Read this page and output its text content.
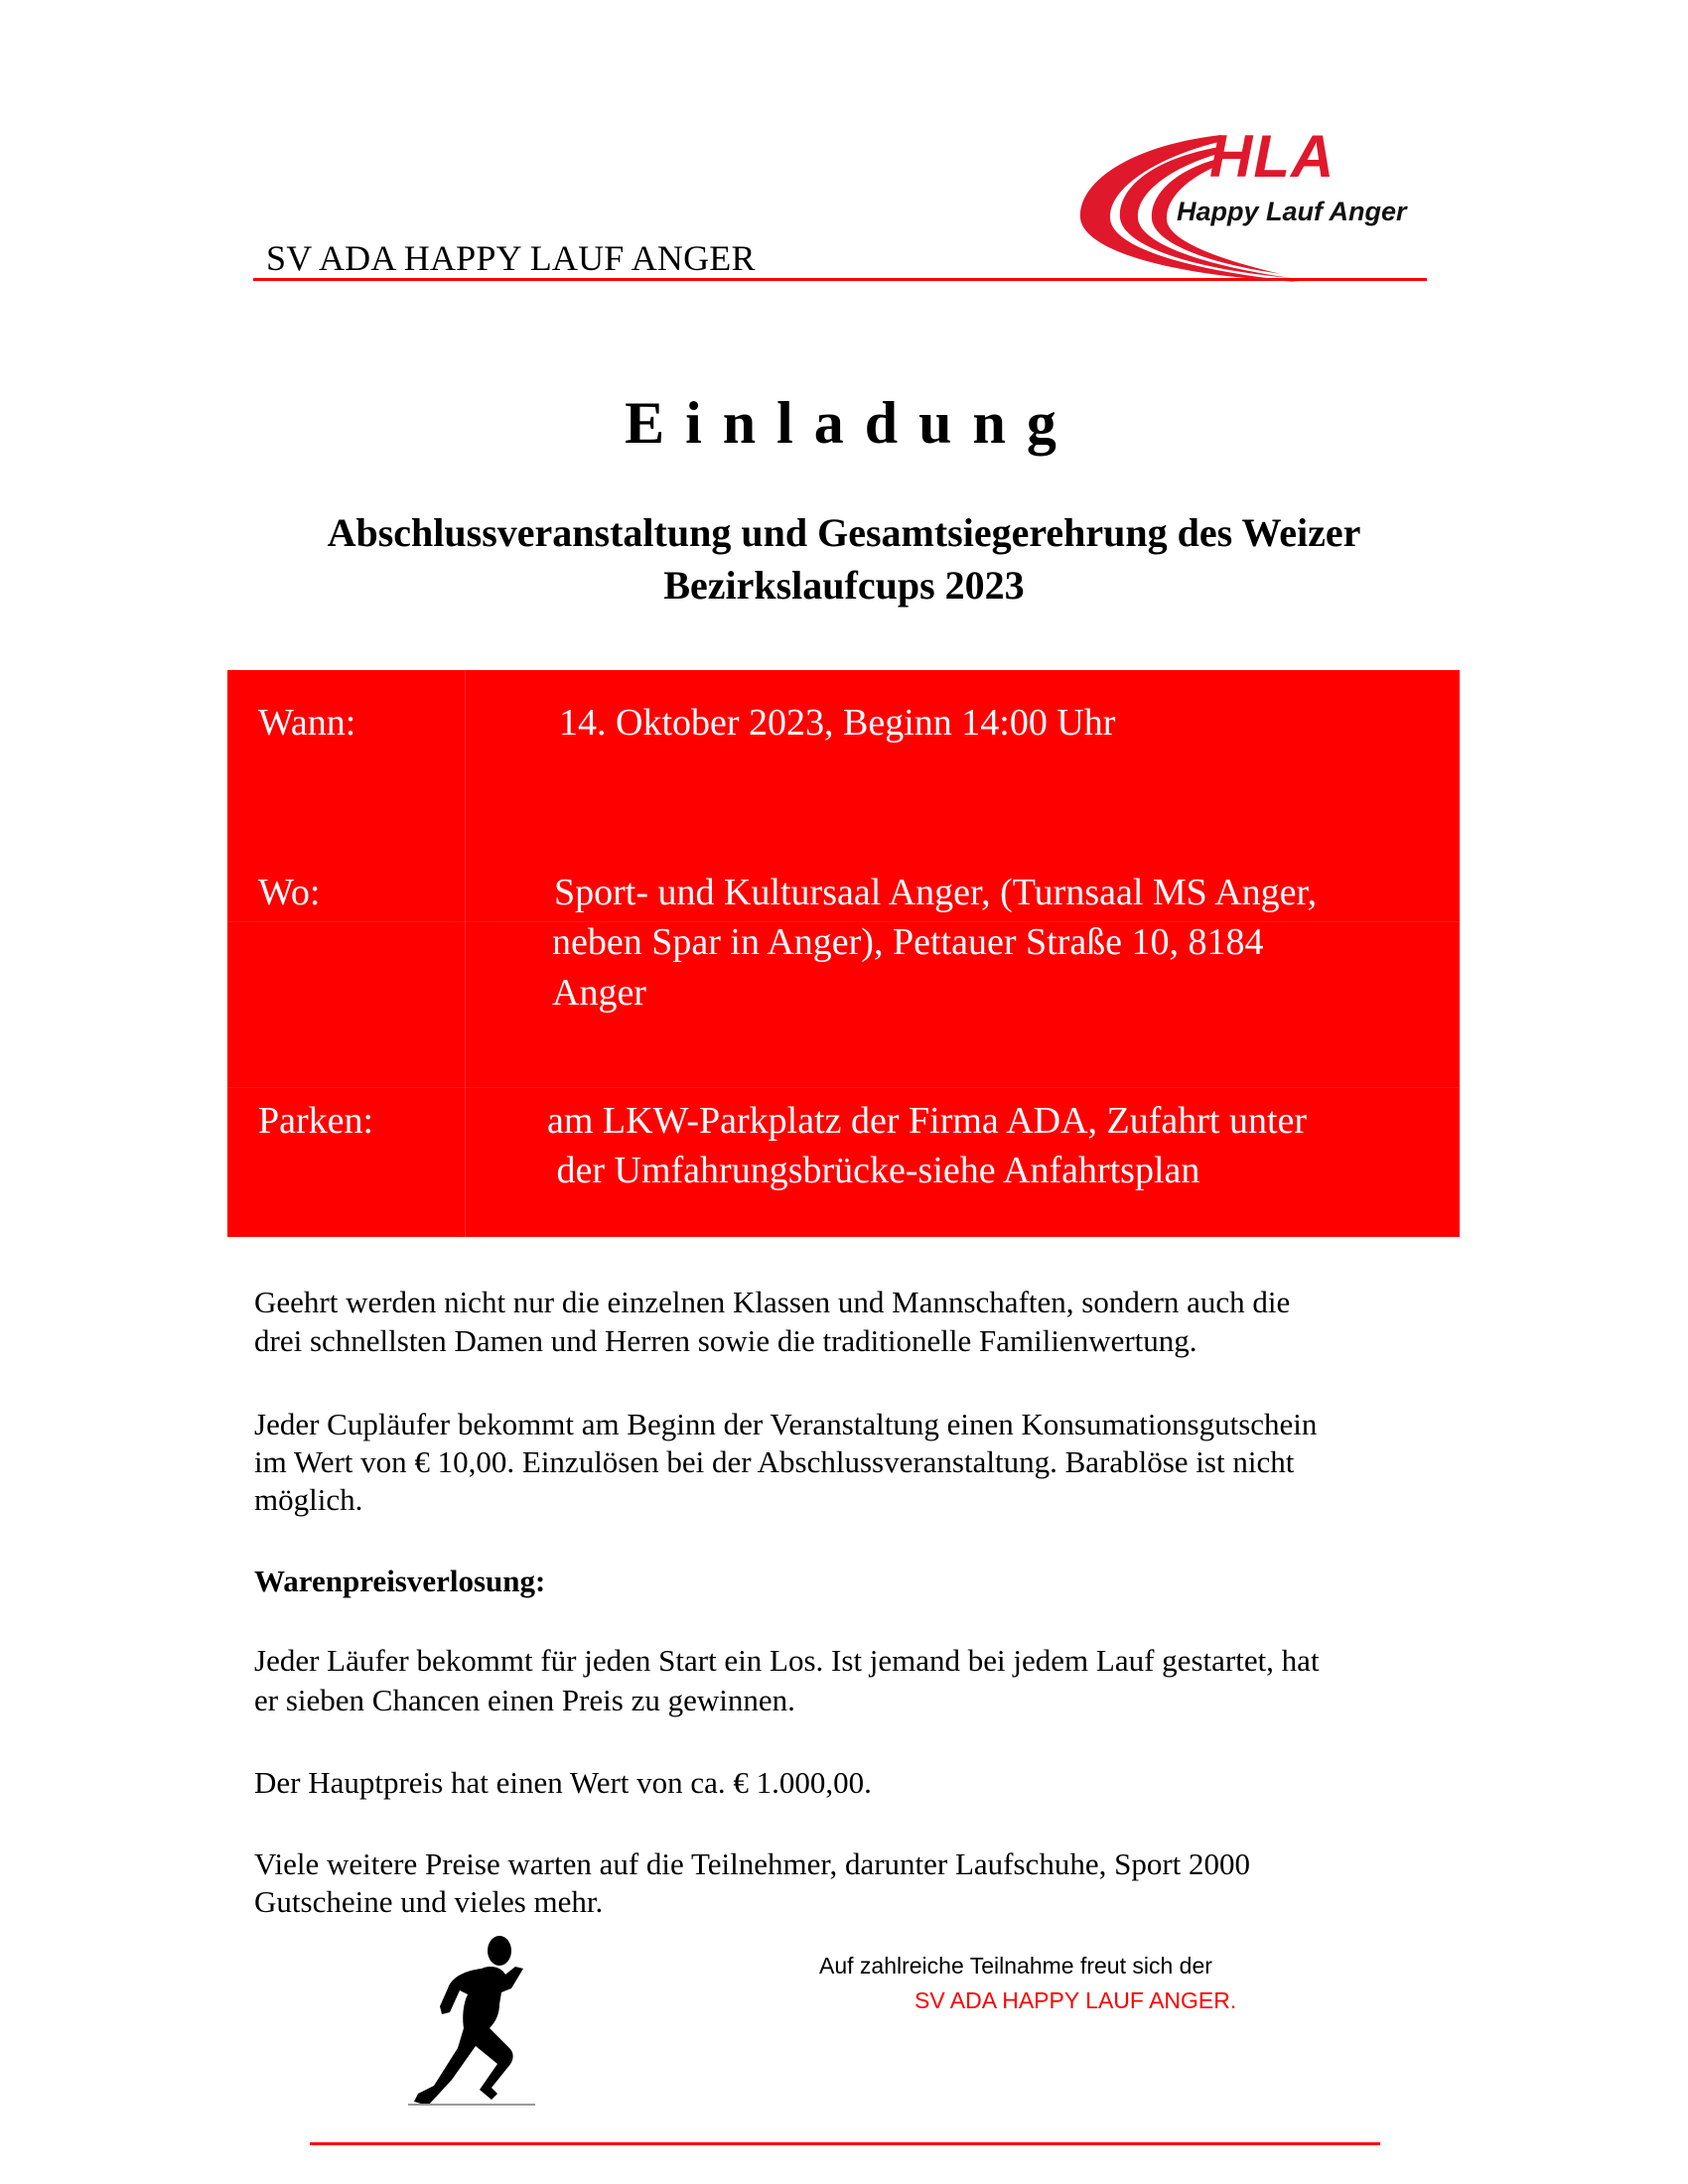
SV ADA HAPPY LAUF ANGER
HLA
Happy Lauf Anger
Einladung
Abschlussveranstaltung und Gesamtsiegerehrung des Weizer
Bezirkslaufcups 2023
Wann:	14. Oktober 2023, Beginn 14:00 Uhr
Wo:	Sport- und Kultursaal Anger, (Turnsaal MS Anger,
neben Spar in Anger), Pettauer Straße 10, 8184
Anger
Parken:	am LKW-Parkplatz der Firma ADA, Zufahrt unter
der Umfahrungsbrücke-siehe Anfahrtsplan
Geehrt werden nicht nur die einzelnen Klassen und Mannschaften, sondern auch die
drei schnellsten Damen und Herren sowie die traditionelle Familienwertung.
Jeder Cupläufer bekommt am Beginn der Veranstaltung einen Konsumationsgutschein
im Wert von € 10,00. Einzulösen bei der Abschlussveranstaltung. Barablöse ist nicht
möglich.
Warenpreisverlosung:
Jeder Läufer bekommt für jeden Start ein Los. Ist jemand bei jedem Lauf gestartet, hat
er sieben Chancen einen Preis zu gewinnen.
Der Hauptpreis hat einen Wert von ca. € 1.000,00.
Viele weitere Preise warten auf die Teilnehmer, darunter Laufschuhe, Sport 2000
Gutscheine und vieles mehr.
Auf zahlreiche Teilnahme freut sich der
SV ADA HAPPY LAUF ANGER.
